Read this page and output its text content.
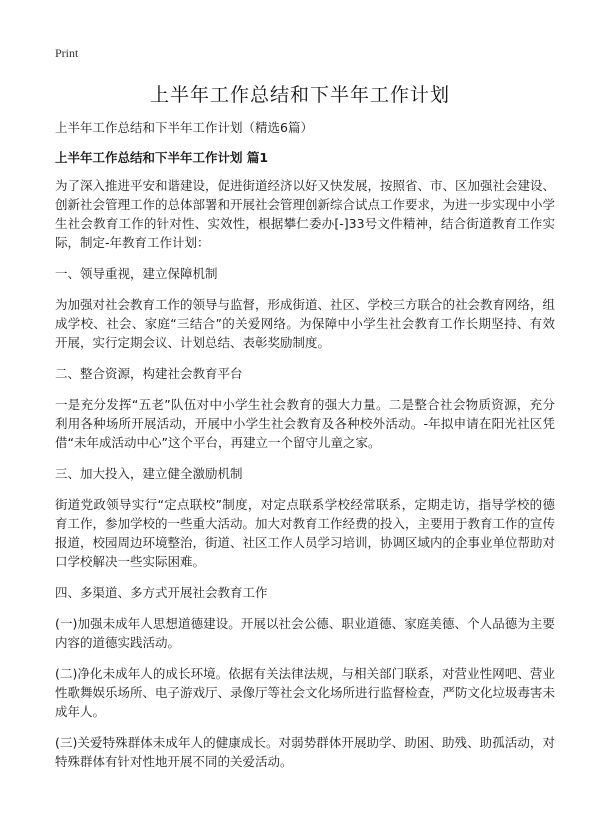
Print
上半年工作总结和下半年工作计划

上半年工作总结和下半年工作计划（精选6篇）

上半年工作总结和下半年工作计划 篇1

为了深入推进平安和谐建设，促进街道经济以好又快发展，按照省、市、区加强社会建设、创新社会管理工作的总体部署和开展社会管理创新综合试点工作要求，为进一步实现中小学生社会教育工作的针对性、实效性，根据攀仁委办[-]33号文件精神，结合街道教育工作实际，制定-年教育工作计划：

一、领导重视，建立保障机制

为加强对社会教育工作的领导与监督，形成街道、社区、学校三方联合的社会教育网络，组成学校、社会、家庭“三结合”的关爱网络。为保障中小学生社会教育工作长期坚持、有效开展，实行定期会议、计划总结、表彰奖励制度。

二、整合资源，构建社会教育平台

一是充分发挥“五老”队伍对中小学生社会教育的强大力量。二是整合社会物质资源，充分利用各种场所开展活动，开展中小学生社会教育及各种校外活动。-年拟申请在阳光社区凭借“未年成活动中心”这个平台，再建立一个留守儿童之家。

三、加大投入，建立健全激励机制

街道党政领导实行“定点联校”制度，对定点联系学校经常联系，定期走访，指导学校的德育工作，参加学校的一些重大活动。加大对教育工作经费的投入，主要用于教育工作的宣传报道，校园周边环境整治，街道、社区工作人员学习培训，协调区域内的企事业单位帮助对口学校解决一些实际困难。

四、多渠道、多方式开展社会教育工作

(一)加强未成年人思想道德建设。开展以社会公德、职业道德、家庭美德、个人品德为主要内容的道德实践活动。

(二)净化未成年人的成长环境。依据有关法律法规，与相关部门联系，对营业性网吧、营业性歌舞娱乐场所、电子游戏厅、录像厅等社会文化场所进行监督检查，严防文化垃圾毒害未成年人。

(三)关爱特殊群体未成年人的健康成长。对弱势群体开展助学、助困、助残、助孤活动，对特殊群体有针对性地开展不同的关爱活动。
